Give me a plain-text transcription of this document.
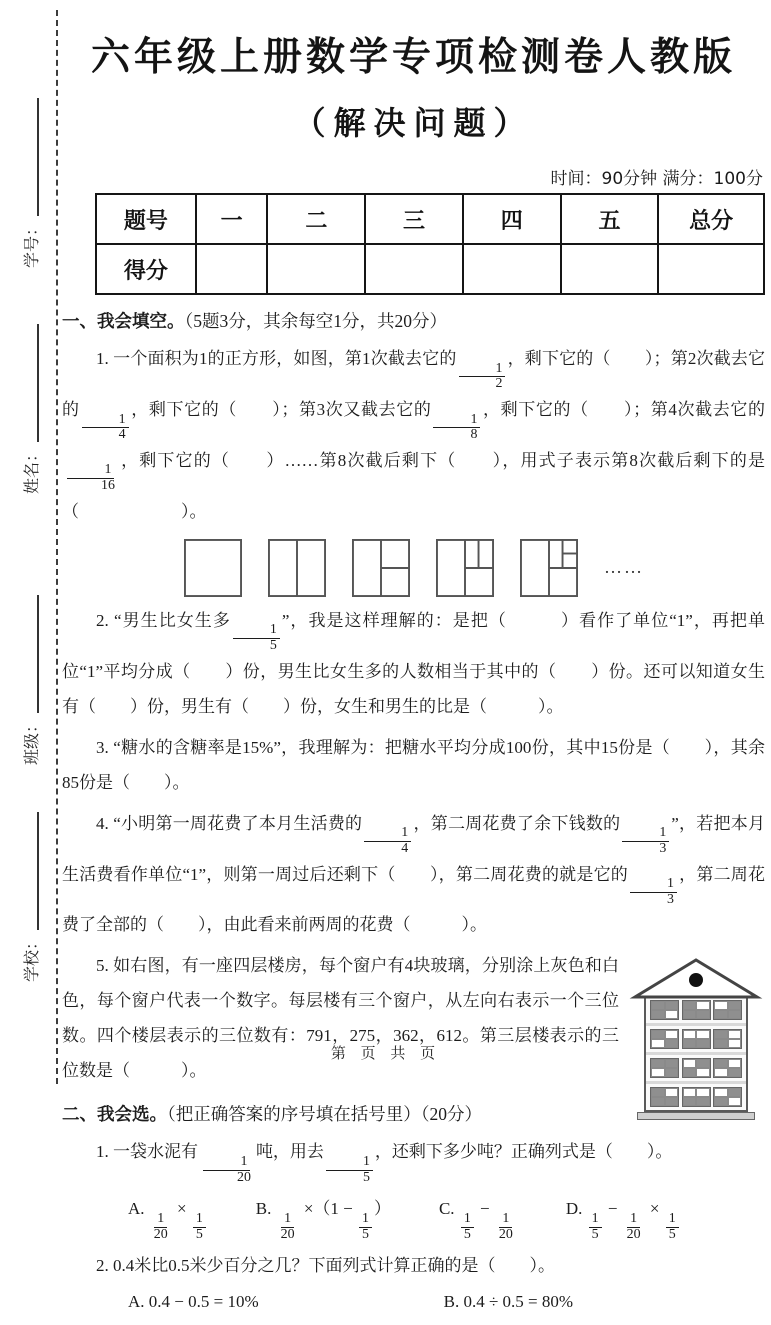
学号：
姓名：
班级：
学校：
六年级上册数学专项检测卷人教版
（解决问题）
时间：90分钟 满分：100分
题号	一	二	三	四	五	总分
得分						
一、我会填空。（5题3分，其余每空1分，共20分）

1. 一个面积为1的正方形，如图，第1次截去它的
$\frac{1}{2}$
，剩下它的（　　）；第2次截去它的
$\frac{1}{4}$
，剩下它的（　　）；第3次又截去它的
$\frac{1}{8}$
，剩下它的（　　）；第4次截去它的
$\frac{1}{16}$
，剩下它的（　　）……第8次截后剩下（　　），用式子表示第8次截后剩下的是（　　　　　　）。

……

2. “男生比女生多
$\frac{1}{5}$
”，我是这样理解的：是把（　　　）看作了单位“1”，再把单位“1”平均分成（　　）份，男生比女生多的人数相当于其中的（　　）份。还可以知道女生有（　　）份，男生有（　　）份，女生和男生的比是（　　　）。

3. “糖水的含糖率是15%”，我理解为：把糖水平均分成100份，其中15份是（　　），其余85份是（　　）。

4. “小明第一周花费了本月生活费的
$\frac{1}{4}$
，第二周花费了余下钱数的
$\frac{1}{3}$
”，若把本月生活费看作单位“1”，则第一周过后还剩下（　　），第二周花费的就是它的
$\frac{1}{3}$
，第二周花费了全部的（　　），由此看来前两周的花费（　　　）。

5. 如右图，有一座四层楼房，每个窗户有4块玻璃，分别涂上灰色和白色，每个窗户代表一个数字。每层楼有三个窗户，从左向右表示一个三位数。四个楼层表示的三位数有：791，275，362，612。第三层楼表示的三位数是（　　　）。

二、我会选。（把正确答案的序号填在括号里）（20分）

1. 一袋水泥有
$\frac{1}{20}$
吨，用去
$\frac{1}{5}$
，还剩下多少吨？正确列式是（　　）。

A.
$\frac{1}{20}$
×
$\frac{1}{5}$
B.
$\frac{1}{20}$
×（1 −
$\frac{1}{5}$
）	C.
$\frac{1}{5}$
−
$\frac{1}{20}$
D.
$\frac{1}{5}$
−
$\frac{1}{20}$
×
$\frac{1}{5}$

2. 0.4米比0.5米少百分之几？下面列式计算正确的是（　　）。

A. 0.4 − 0.5 = 10%	B. 0.4 ÷ 0.5 = 80%
第 页 共 页
